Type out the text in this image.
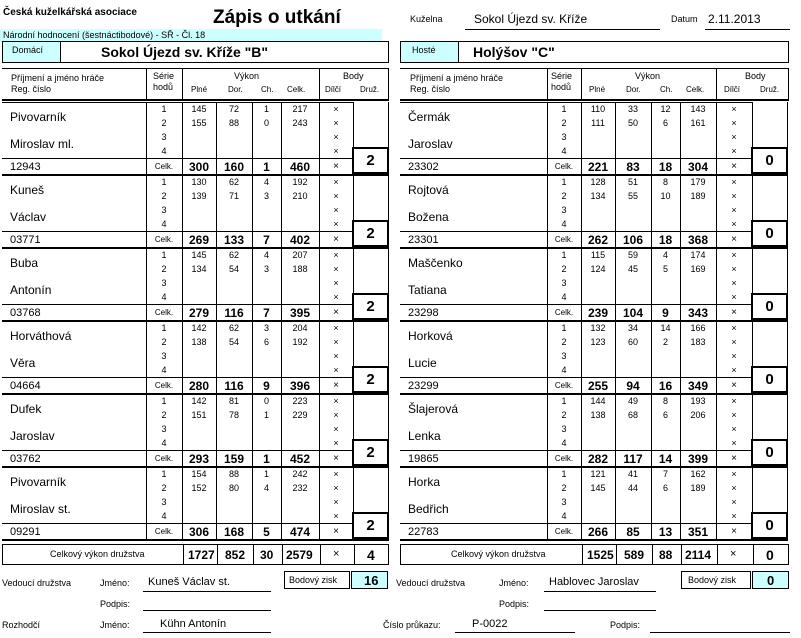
Česká kuželkářská asociace	Zápis o utkání
Národní hodnocení (šestnáctibodové) - SŘ - Čl. 18
Kuželna	Sokol Újezd sv. Kříže	Datum 2.11.2013
Domácí	Sokol Újezd sv. Kříže "B"	Hosté	Holýšov "C"
Příjmení a jméno hráče
Reg. číslo
Série
hodů
Výkon
Plné	Dor. Ch. Celk.
Body
Dílčí Druž.
Příjmení a jméno hráče
Reg. číslo
Série
hodů
Výkon
Plné	Dor. Ch. Celk.
Body
Dílčí	Druž.
Pivovarník	1	145	72	1	217	×
	2	155	88	0	243	×
Miroslav ml.	3					×
	4					×
12943	Celk.	300	160	1	460	×	2
Kuneš	1	130	62	4	192	×
	2	139	71	3	210	×
Václav	3					×
	4					×
03771	Celk.	269	133	7	402	×	2
Buba	1	145	62	4	207	×
	2	134	54	3	188	×
Antonín	3					×
	4					×
03768	Celk.	279	116	7	395	×	2
Horváthová	1	142	62	3	204	×
	2	138	54	6	192	×
Věra	3					×
	4					×
04664	Celk.	280	116	9	396	×	2
Dufek	1	142	81	0	223	×
	2	151	78	1	229	×
Jaroslav	3					×
	4					×
03762	Celk.	293	159	1	452	×	2
Pivovarník	1	154	88	1	242	×
	2	152	80	4	232	×
Miroslav st.	3					×
	4					×
09291	Celk.	306	168	5	474	×	2
Čermák	1	110	33	12	143	×
	2	111	50	6	161	×
Jaroslav	3					×
	4					×
23302	Celk.	221	83	18	304	×	0
Rojtová	1	128	51	8	179	×
	2	134	55	10	189	×
Božena	3					×
	4					×
23301	Celk.	262	106	18	368	×	0
Maščenko	1	115	59	4	174	×
	2	124	45	5	169	×
Tatiana	3					×
	4					×
23298	Celk.	239	104	9	343	×	0
Horková	1	132	34	14	166	×
	2	123	60	2	183	×
Lucie	3					×
	4					×
23299	Celk.	255	94	16	349	×	0
Šlajerová	1	144	49	8	193	×
	2	138	68	6	206	×
Lenka	3					×
	4					×
19865	Celk.	282	117	14	399	×	0
Horka	1	121	41	7	162	×
	2	145	44	6	189	×
Bedřich	3					×
	4					×
22783	Celk.	266	85	13	351	×	0
Celkový výkon družstva	1727 852 30 2579 × 4	Celkový výkon družstva	1525 589 88 2114 × 0
Vedoucí družstva	Jméno: Kuneš Václav st.	Bodový zisk 16
Podpis:
Vedoucí družstva	Jméno: Hablovec Jaroslav	Bodový zisk 0
Podpis:
Rozhodčí	Jméno:	Kühn Antonín	Číslo průkazu:	P-0022	Podpis:
